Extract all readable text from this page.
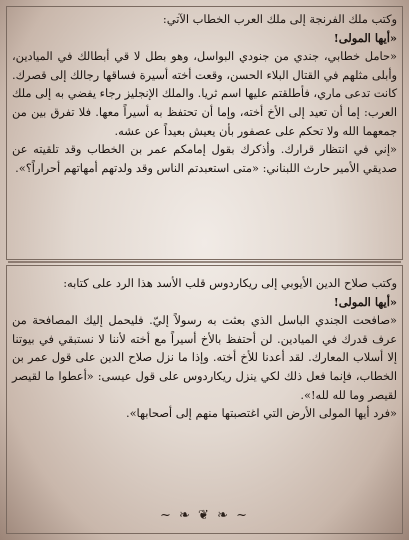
وكتب ملك الفرنجة إلى ملك العرب الخطاب الآتي:

«أيها المولى!

«حامل خطابي، جندي من جنودي البواسل، وهو بطل لا قي أبطالك في الميادين، وأبلى مثلهم في القتال البلاء الحسن، وقعت أخته أسيرة فساقها رجالك إلى قصرك. كانت تدعى ماري، فأطلقتم عليها اسم ثريا. والملك الإنجليز رجاء يفضي به إلى ملك العرب: إما أن تعيد إلى الأخ أخته، وإما أن تحتفظ به أسيراً معها. فلا تفرق بين من جمعهما الله ولا تحكم على عصفور بأن يعيش بعيداً عن عشه.

«إني في انتظار قرارك. وأذكرك بقول إمامكم عمر بن الخطاب وقد تلقيته عن صديقي الأمير حارث اللبناني: «متى استعبدتم الناس وقد ولدتهم أمهاتهم أحراراً؟».

وكتب صلاح الدين الأيوبي إلى ريكاردوس قلب الأسد هذا الرد على كتابه:

«أيها المولى!

«صافحت الجندي الباسل الذي بعثت به رسولاً إليّ. فليحمل إليك المصافحة من عرف قدرك في الميادين. لن أحتفظ بالأخ أسيراً مع أخته لأننا لا نستبقي في بيوتنا إلا أسلاب المعارك. لقد أعدنا للأخ أخته. وإذا ما نزل صلاح الدين على قول عمر بن الخطاب، فإنما فعل ذلك لكي ينزل ريكاردوس على قول عيسى: «أعطوا ما لقيصر لقيصر وما لله لله!».

«فرد أيها المولى الأرض التي اغتصبتها منهم إلى أصحابها».

~ ❧ ❦ ❧ ~
